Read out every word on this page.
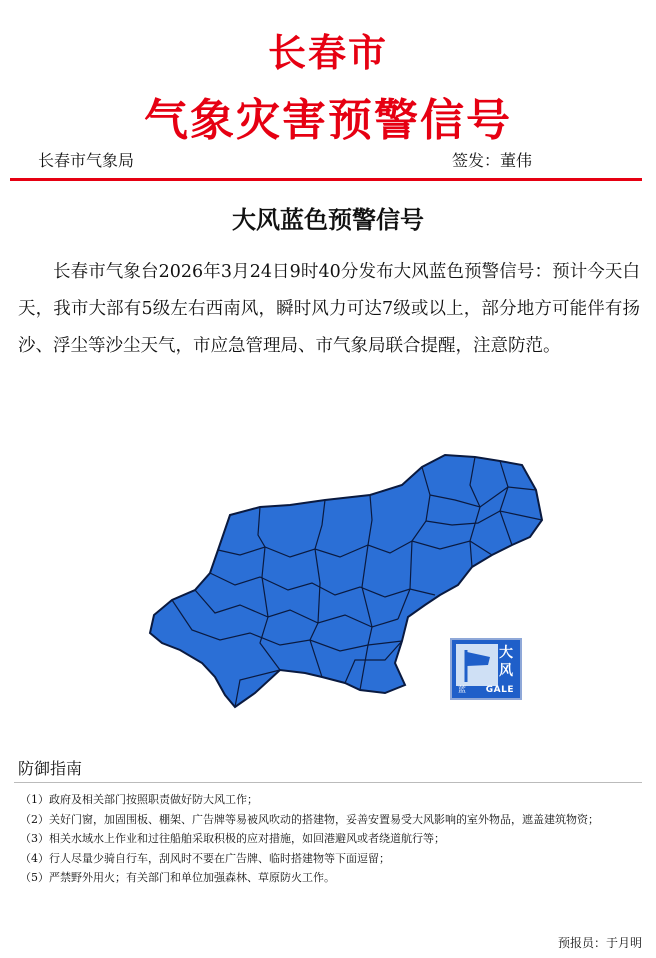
长春市
气象灾害预警信号
长春市气象局	签发：董伟
大风蓝色预警信号

长春市气象台2026年3月24日9时40分发布大风蓝色预警信号：预计今天白天，我市大部有5级左右西南风，瞬时风力可达7级或以上，部分地方可能伴有扬沙、浮尘等沙尘天气，市应急管理局、市气象局联合提醒，注意防范。

大
风
蓝 GALE
防御指南
（1）政府及相关部门按照职责做好防大风工作；
（2）关好门窗，加固围板、棚架、广告牌等易被风吹动的搭建物，妥善安置易受大风影响的室外物品，遮盖建筑物资；
（3）相关水域水上作业和过往船舶采取积极的应对措施，如回港避风或者绕道航行等；
（4）行人尽量少骑自行车，刮风时不要在广告牌、临时搭建物等下面逗留；
（5）严禁野外用火；有关部门和单位加强森林、草原防火工作。
预报员：于月明
